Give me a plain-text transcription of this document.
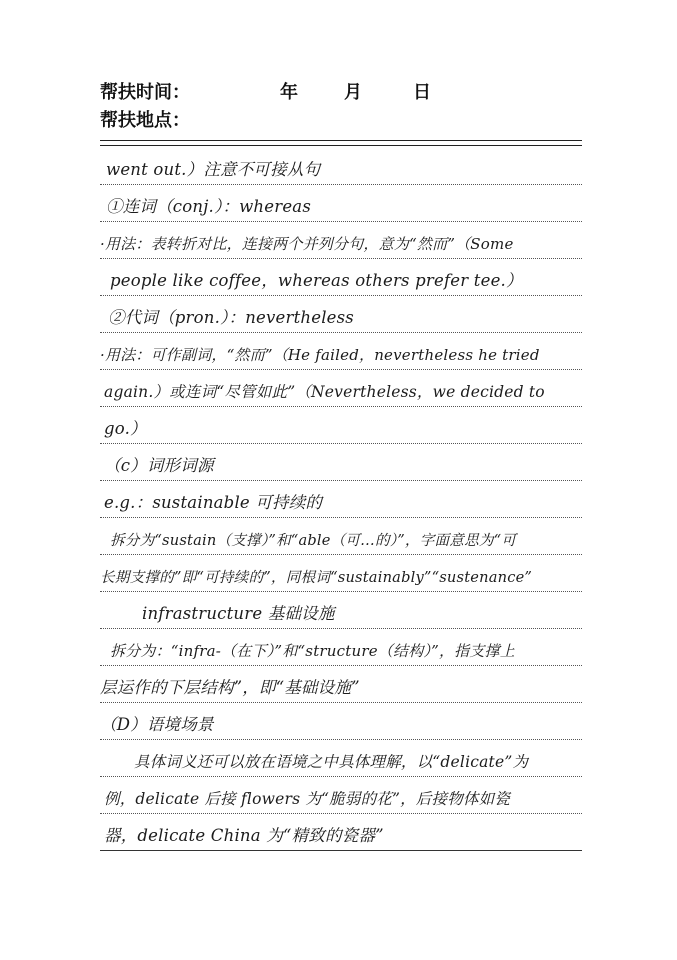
帮扶时间：	年	月	日
帮扶地点：
went out.）注意不可接从句
①连词（conj.）：whereas
·用法：表转折对比，连接两个并列分句，意为“然而”（Some
people like coffee，whereas others prefer tee.）
②代词（pron.）：nevertheless
·用法：可作副词，“然而”（He failed，nevertheless he tried
again.）或连词“尽管如此”（Nevertheless，we decided to
go.）
（c）词形词源
e.g.：sustainable 可持续的
拆分为“sustain（支撑）”和“able（可…的）”，字面意思为“可
长期支撑的”即“可持续的”，同根词“sustainably”“sustenance”
infrastructure 基础设施
拆分为：“infra-（在下）”和“structure（结构）”，指支撑上
层运作的下层结构”，即“基础设施”
（D）语境场景
具体词义还可以放在语境之中具体理解，以“delicate”为
例，delicate 后接 flowers 为“脆弱的花”，后接物体如瓷
器，delicate China 为“精致的瓷器”
